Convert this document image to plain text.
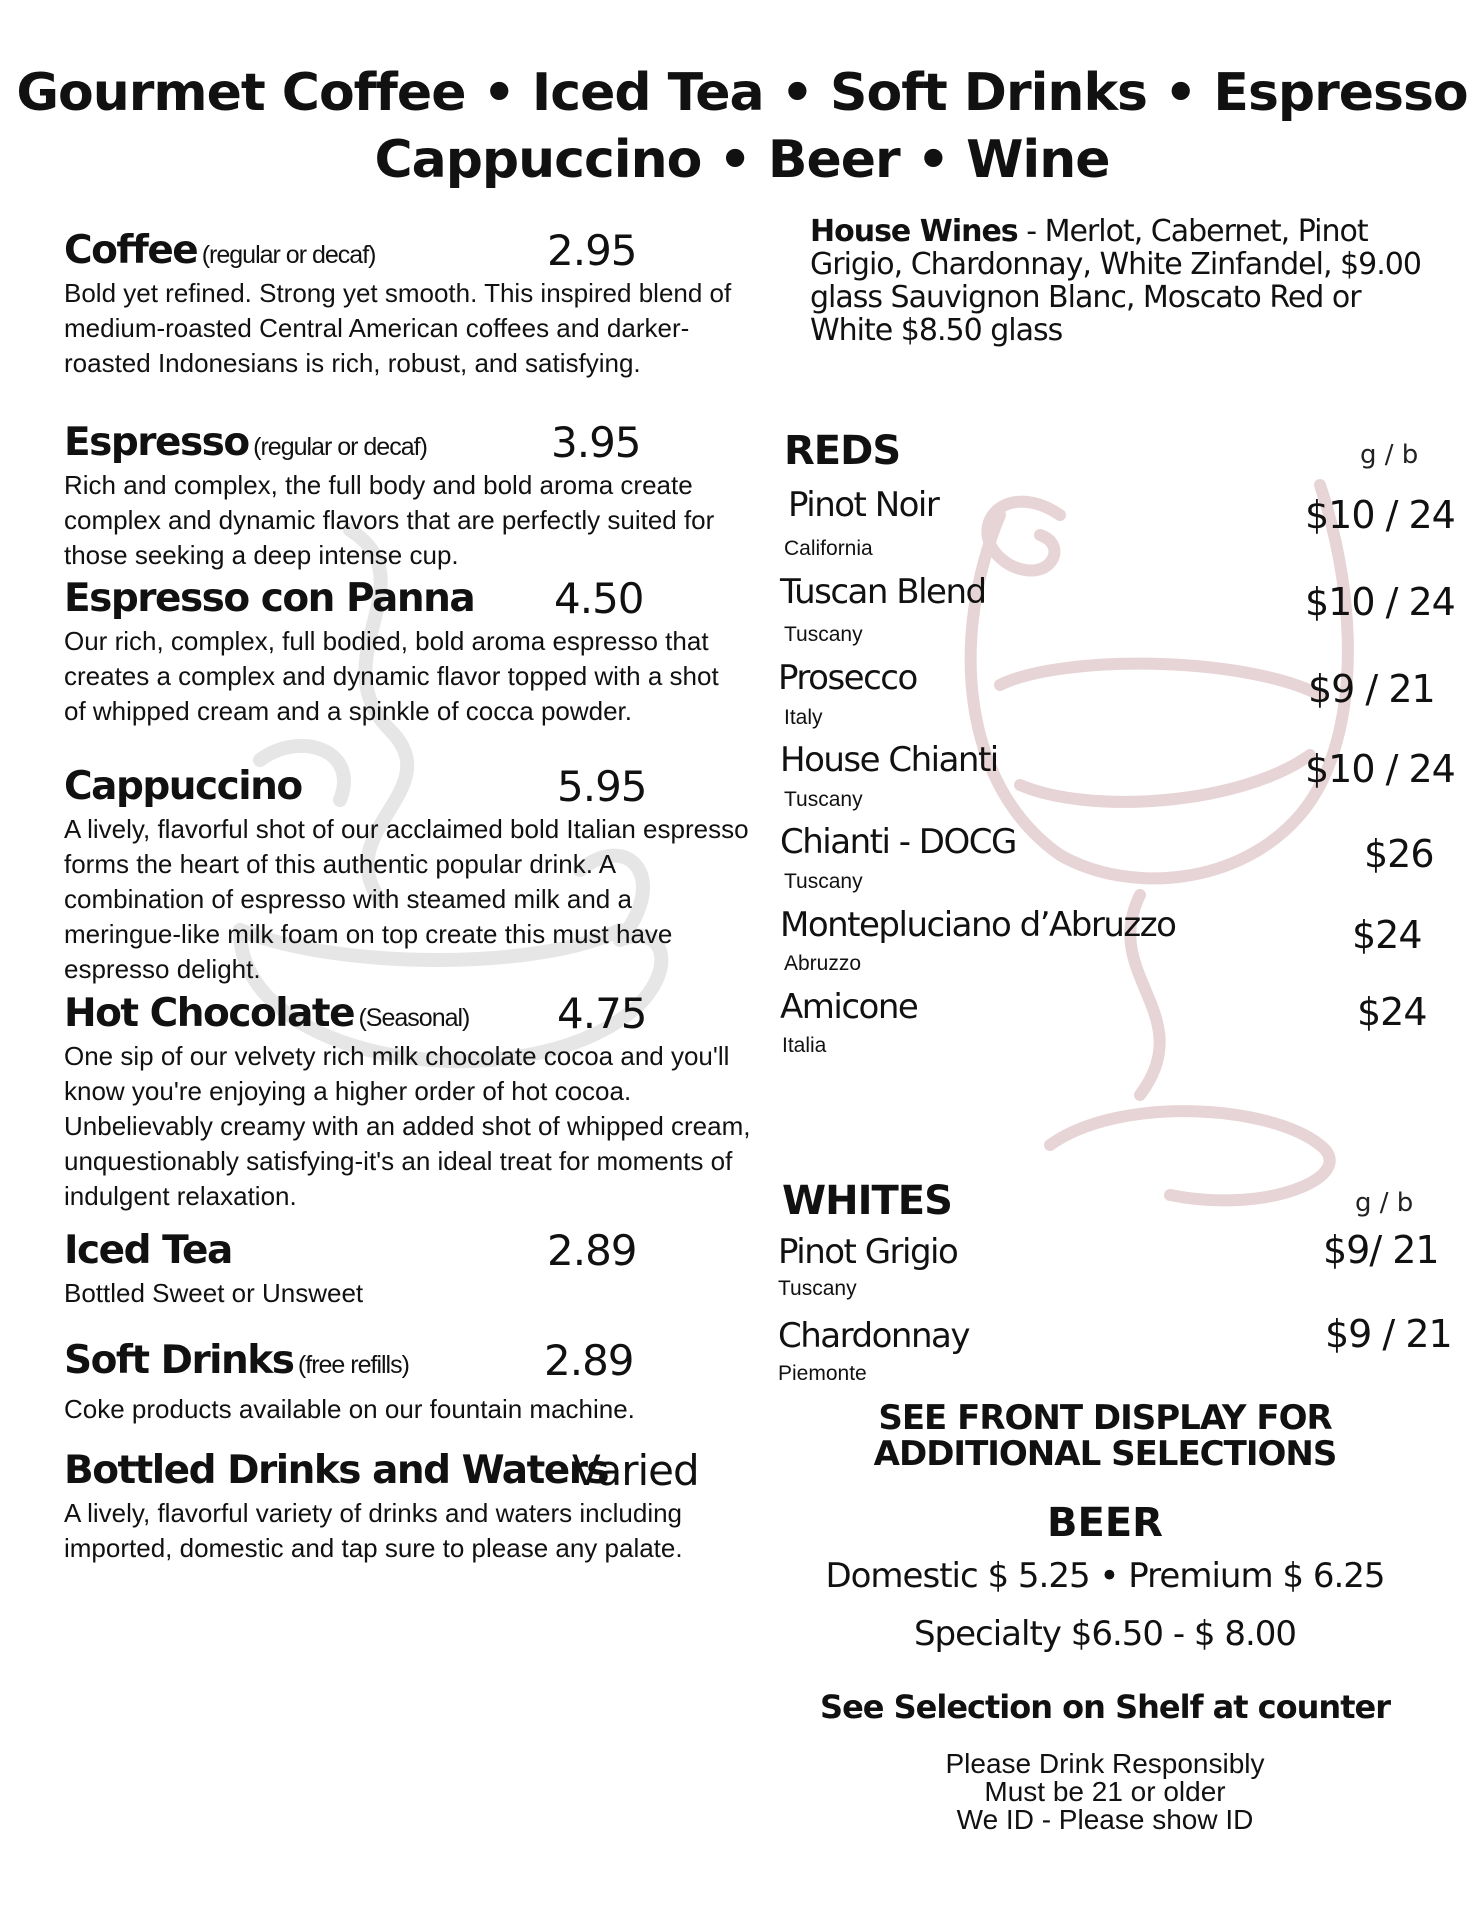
Gourmet Coffee • Iced Tea • Soft Drinks • Espresso
Cappuccino • Beer • Wine
Coffee (regular or decaf)	2.95
Bold yet refined. Strong yet smooth. This inspired blend of medium-roasted Central American coffees and darker-roasted Indonesians is rich, robust, and satisfying.
Espresso (regular or decaf)	3.95
Rich and complex, the full body and bold aroma create complex and dynamic flavors that are perfectly suited for those seeking a deep intense cup.
Espresso con Panna 4.50
Our rich, complex, full bodied, bold aroma espresso that creates a complex and dynamic flavor topped with a shot of whipped cream and a spinkle of cocca powder.
Cappuccino	5.95
A lively, flavorful shot of our acclaimed bold Italian espresso forms the heart of this authentic popular drink. A combination of espresso with steamed milk and a meringue-like milk foam on top create this must have espresso delight.
Hot Chocolate (Seasonal) 4.75
One sip of our velvety rich milk chocolate cocoa and you'll know you're enjoying a higher order of hot cocoa. Unbelievably creamy with an added shot of whipped cream, unquestionably satisfying-it's an ideal treat for moments of indulgent relaxation.
Iced Tea	2.89
Bottled Sweet or Unsweet
Soft Drinks (free refills)	2.89
Coke products available on our fountain machine.
Bottled Drinks and Waters
Varied
A lively, flavorful variety of drinks and waters including imported, domestic and tap sure to please any palate.
House Wines - Merlot, Cabernet, Pinot Grigio, Chardonnay, White Zinfandel, $9.00 glass Sauvignon Blanc, Moscato Red or White $8.50 glass
REDS	g / b
Pinot Noir
California
$10 / 24
Tuscan Blend
Tuscany
$10 / 24
Prosecco
Italy
$9 / 21
House Chianti
Tuscany
$10 / 24
Chianti - DOCG
Tuscany
$26
Montepluciano d’Abruzzo
Abruzzo
$24
Amicone
Italia
$24
WHITES	g / b
Pinot Grigio
Tuscany
$9/ 21
Chardonnay
Piemonte
$9 / 21
SEE FRONT DISPLAY FOR
ADDITIONAL SELECTIONS
BEER
Domestic $ 5.25 • Premium $ 6.25
Specialty $6.50 - $ 8.00
See Selection on Shelf at counter
Please Drink Responsibly
Must be 21 or older
We ID - Please show ID
